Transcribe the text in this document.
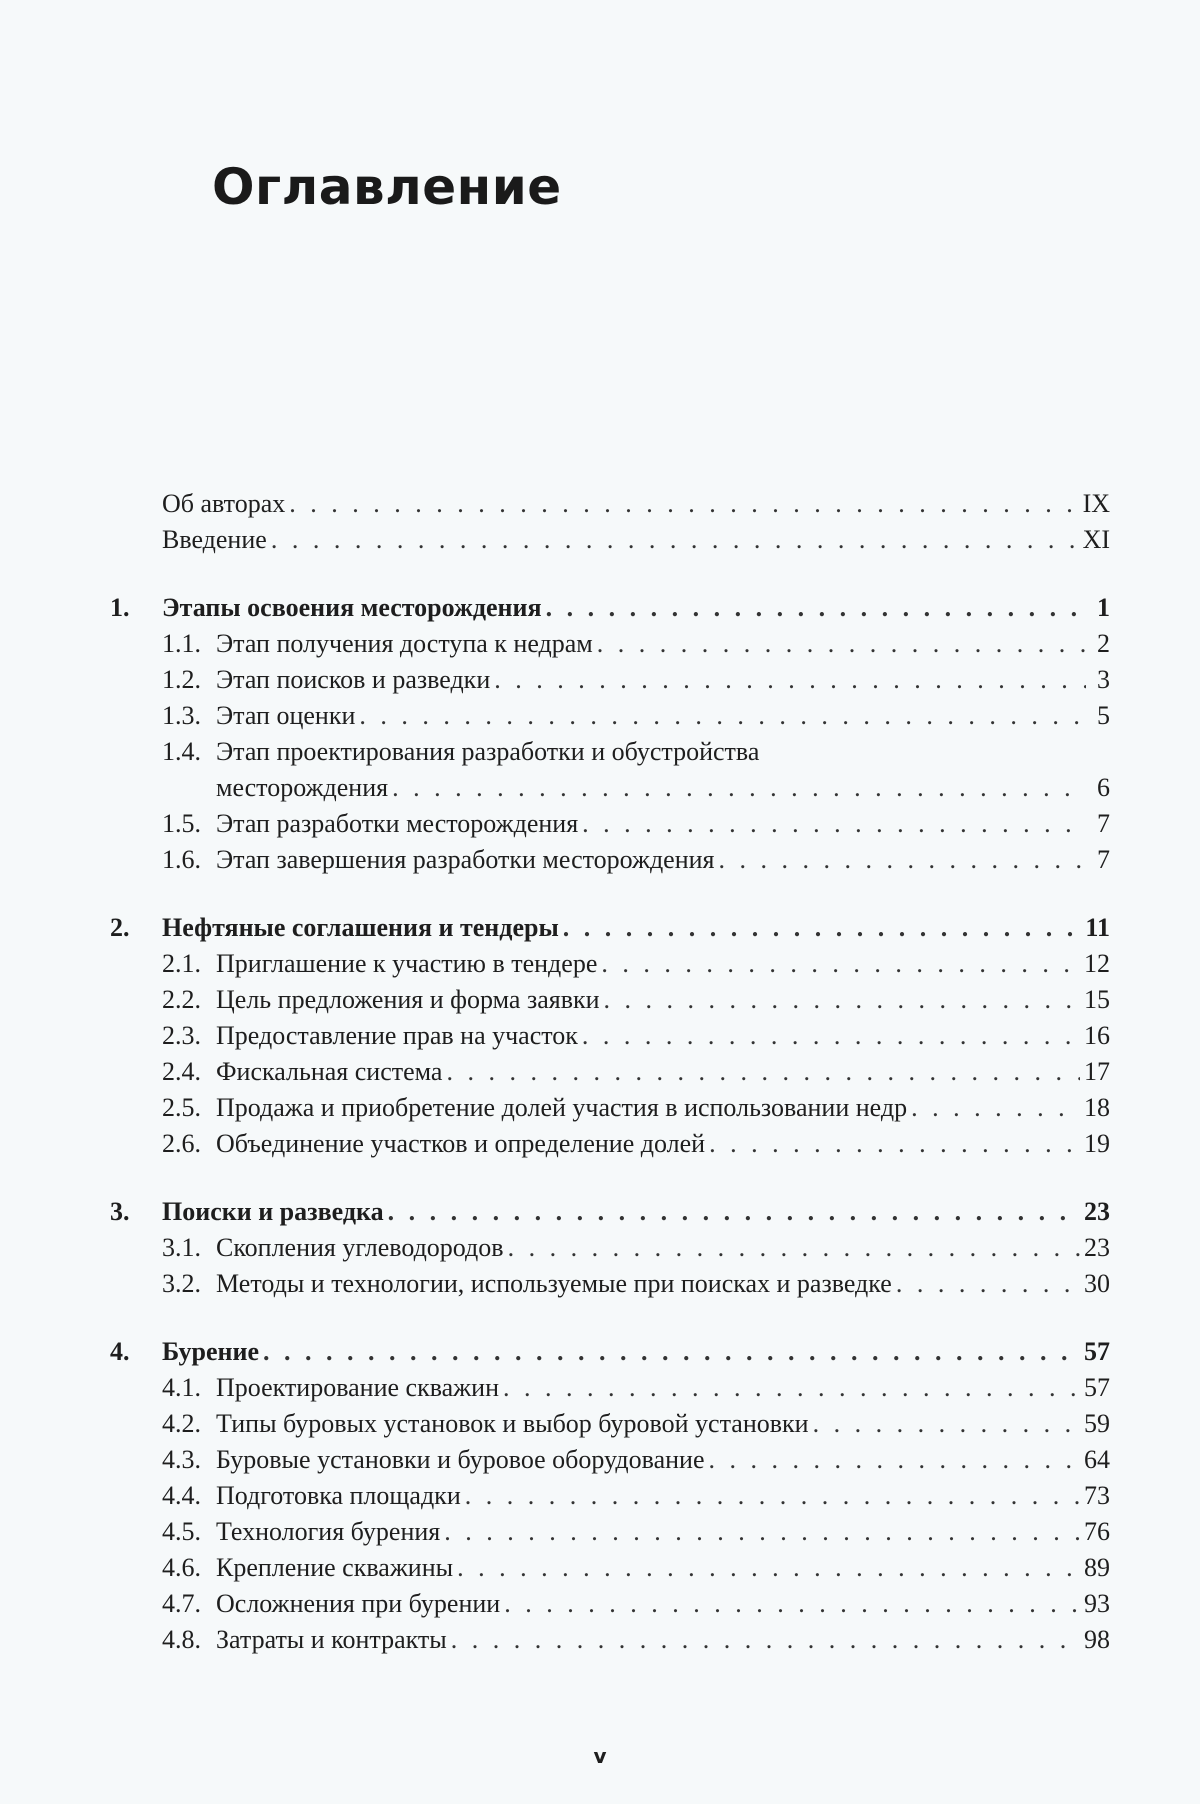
Оглавление
Об авторах . . .	IX
Введение . . .	XI
1.	Этапы освоения месторождения . . .	1
1.1. Этап получения доступа к недрам . . .	2
1.2. Этап поисков и разведки . . .	3
1.3. Этап оценки . . .	5
1.4. Этап проектирования разработки и обустройства
месторождения . . .	6
1.5. Этап разработки месторождения . . .	7
1.6. Этап завершения разработки месторождения . . .	7
2.	Нефтяные соглашения и тендеры . . .	11
2.1. Приглашение к участию в тендере . . .	12
2.2. Цель предложения и форма заявки . . .	15
2.3. Предоставление прав на участок . . .	16
2.4. Фискальная система . . .	17
2.5. Продажа и приобретение долей участия в использовании недр . . .	18
2.6. Объединение участков и определение долей . . .	19
3.	Поиски и разведка . . .	23
3.1. Скопления углеводородов . . .	23
3.2. Методы и технологии, используемые при поисках и разведке . . .	30
4.	Бурение . . .	57
4.1. Проектирование скважин . . .	57
4.2. Типы буровых установок и выбор буровой установки . . .	59
4.3. Буровые установки и буровое оборудование . . .	64
4.4. Подготовка площадки . . .	73
4.5. Технология бурения . . .	76
4.6. Крепление скважины . . .	89
4.7. Осложнения при бурении . . .	93
4.8. Затраты и контракты . . .	98
v
